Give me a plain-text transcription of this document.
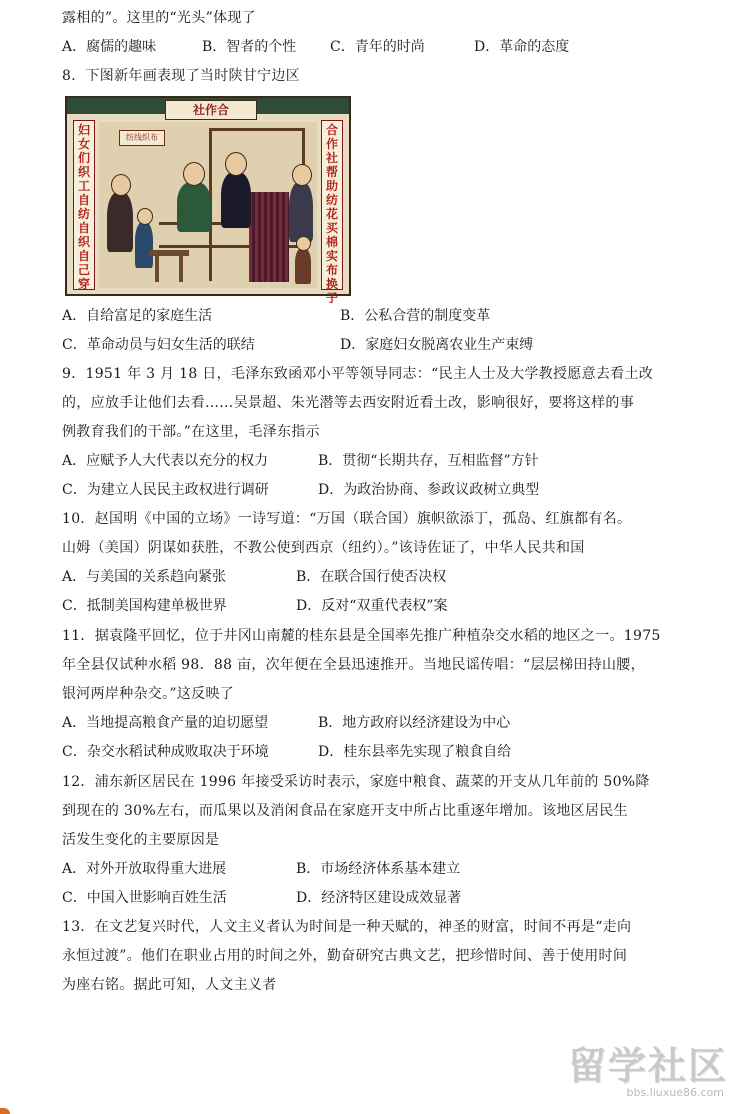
露相的”。这里的“光头”体现了
A．腐儒的趣味	B．智者的个性 C．青年的时尚	D．革命的态度
8．下图新年画表现了当时陕甘宁边区
社作合
妇女们织工自纺自织自己穿
合作社帮助纺花买棉实布换子
纺线织布
A．自给富足的家庭生活	B．公私合营的制度变革
C．革命动员与妇女生活的联结	D．家庭妇女脱离农业生产束缚
9．1951 年 3 月 18 日，毛泽东致函邓小平等领导同志：“民主人士及大学教授愿意去看土改
的，应放手让他们去看……吴景超、朱光潜等去西安附近看土改，影响很好，要将这样的事
例教育我们的干部。”在这里，毛泽东指示
A．应赋予人大代表以充分的权力	B．贯彻“长期共存，互相监督”方针
C．为建立人民民主政权进行调研	D．为政治协商、参政议政树立典型
10．赵国明《中国的立场》一诗写道：“万国（联合国）旗帜欲添丁，孤岛、红旗都有名。
山姆（美国）阴谋如获胜，不教公使到西京（纽约）。”该诗佐证了，中华人民共和国
A．与美国的关系趋向紧张	B．在联合国行使否决权
C．抵制美国构建单极世界	D．反对“双重代表权”案
11．据袁隆平回忆，位于井冈山南麓的桂东县是全国率先推广种植杂交水稻的地区之一。1975
年全县仅试种水稻 98．88 亩，次年便在全县迅速推开。当地民谣传唱：“层层梯田持山腰，
银河两岸种杂交。”这反映了
A．当地提高粮食产量的迫切愿望	B．地方政府以经济建设为中心
C．杂交水稻试种成败取决于环境	D．桂东县率先实现了粮食自给
12．浦东新区居民在 1996 年接受采访时表示，家庭中粮食、蔬菜的开支从几年前的 50%降
到现在的 30%左右，而瓜果以及消闲食品在家庭开支中所占比重逐年增加。该地区居民生
活发生变化的主要原因是
A．对外开放取得重大进展	B．市场经济体系基本建立
C．中国入世影响百姓生活	D．经济特区建设成效显著
13．在文艺复兴时代，人文主义者认为时间是一种天赋的，神圣的财富，时间不再是“走向
永恒过渡”。他们在职业占用的时间之外，勤奋研究古典文艺，把珍惜时间、善于使用时间
为座右铭。据此可知，人文主义者
留学社区
bbs.liuxue86.com
